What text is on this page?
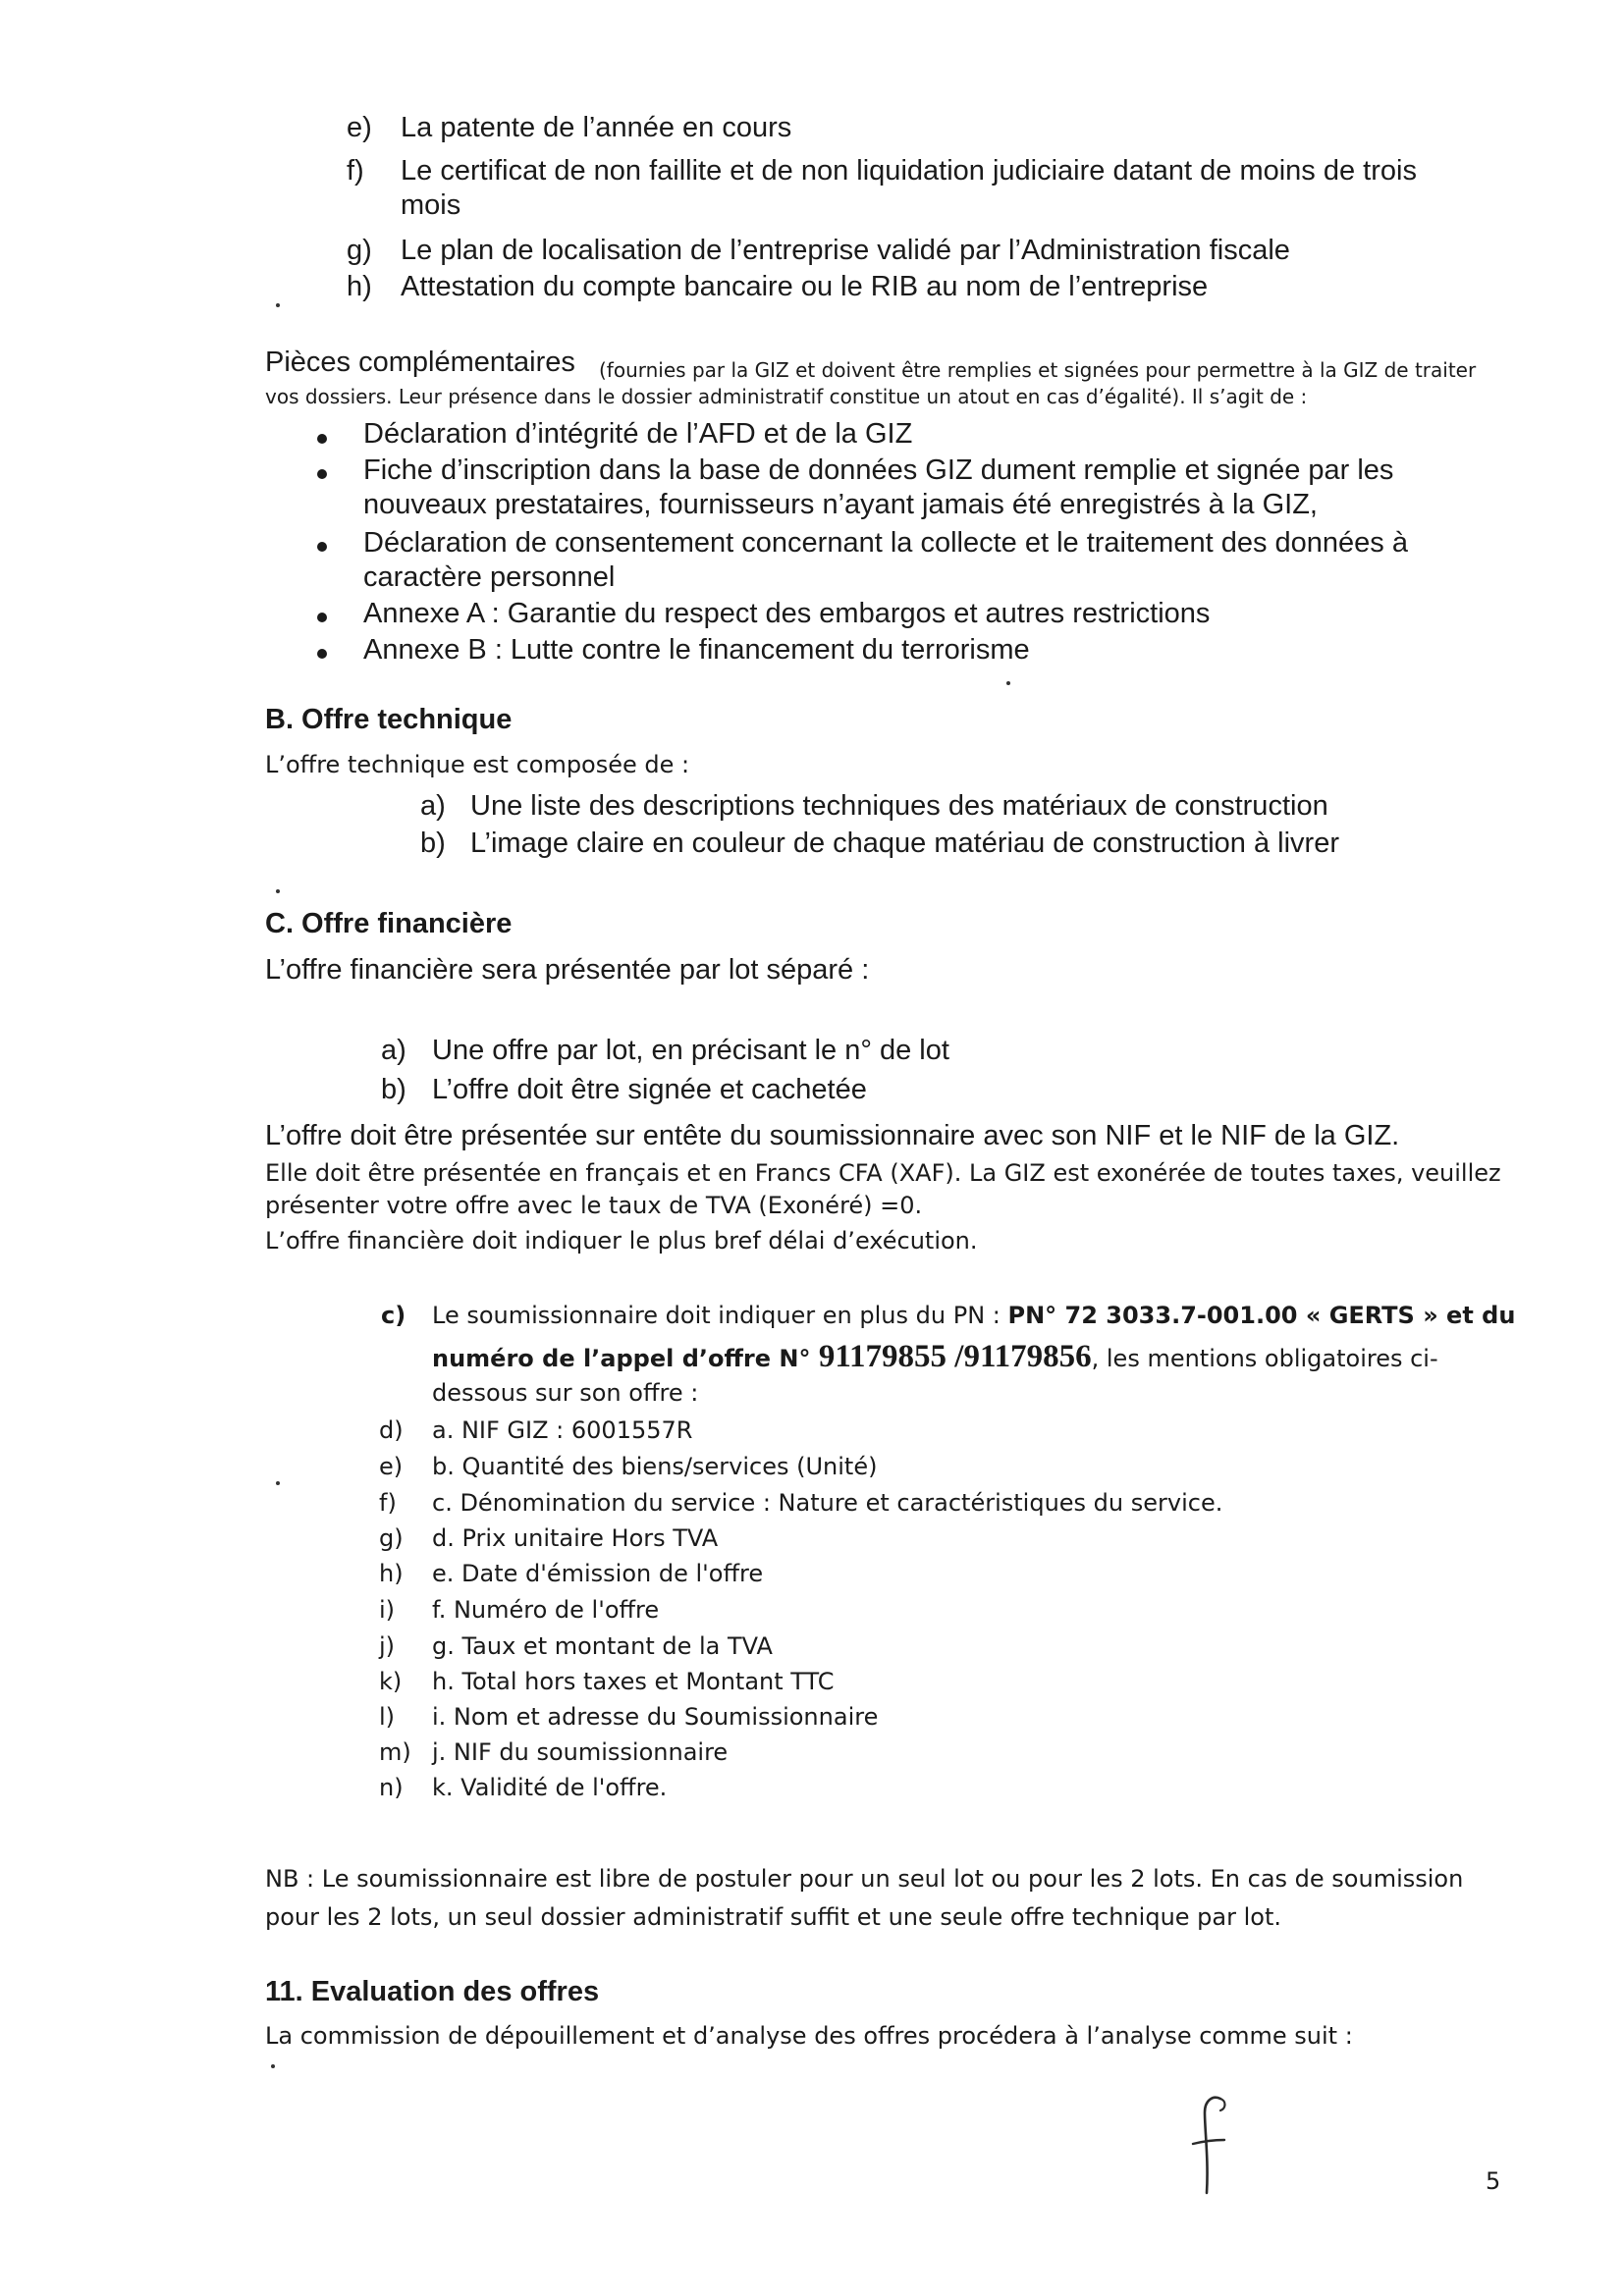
e) La patente de l’année en cours
f) Le certificat de non faillite et de non liquidation judiciaire datant de moins de trois
mois
g) Le plan de localisation de l’entreprise validé par l’Administration fiscale
h) Attestation du compte bancaire ou le RIB au nom de l’entreprise
Pièces complémentaires (fournies par la GIZ et doivent être remplies et signées pour permettre à la GIZ de traiter
vos dossiers. Leur présence dans le dossier administratif constitue un atout en cas d’égalité). Il s’agit de :
Déclaration d’intégrité de l’AFD et de la GIZ
Fiche d’inscription dans la base de données GIZ dument remplie et signée par les
nouveaux prestataires, fournisseurs n’ayant jamais été enregistrés à la GIZ,
Déclaration de consentement concernant la collecte et le traitement des données à
caractère personnel
Annexe A : Garantie du respect des embargos et autres restrictions
Annexe B : Lutte contre le financement du terrorisme
B. Offre technique
L’offre technique est composée de :
a) Une liste des descriptions techniques des matériaux de construction
b) L’image claire en couleur de chaque matériau de construction à livrer
C. Offre financière
L’offre financière sera présentée par lot séparé :
a) Une offre par lot, en précisant le n° de lot
b) L’offre doit être signée et cachetée
L’offre doit être présentée sur entête du soumissionnaire avec son NIF et le NIF de la GIZ.
Elle doit être présentée en français et en Francs CFA (XAF). La GIZ est exonérée de toutes taxes, veuillez
présenter votre offre avec le taux de TVA (Exonéré) =0.
L’offre financière doit indiquer le plus bref délai d’exécution.
c) Le soumissionnaire doit indiquer en plus du PN : PN° 72 3033.7-001.00 « GERTS » et du
numéro de l’appel d’offre N° 91179855 /91179856, les mentions obligatoires ci-
dessous sur son offre :
d) a. NIF GIZ : 6001557R
e) b. Quantité des biens/services (Unité)
f) c. Dénomination du service : Nature et caractéristiques du service.
g) d. Prix unitaire Hors TVA
h) e. Date d'émission de l'offre
i) f. Numéro de l'offre
j) g. Taux et montant de la TVA
k) h. Total hors taxes et Montant TTC
l) i. Nom et adresse du Soumissionnaire
m) j. NIF du soumissionnaire
n) k. Validité de l'offre.
NB : Le soumissionnaire est libre de postuler pour un seul lot ou pour les 2 lots. En cas de soumission
pour les 2 lots, un seul dossier administratif suffit et une seule offre technique par lot.
11. Evaluation des offres
La commission de dépouillement et d’analyse des offres procédera à l’analyse comme suit :
5
